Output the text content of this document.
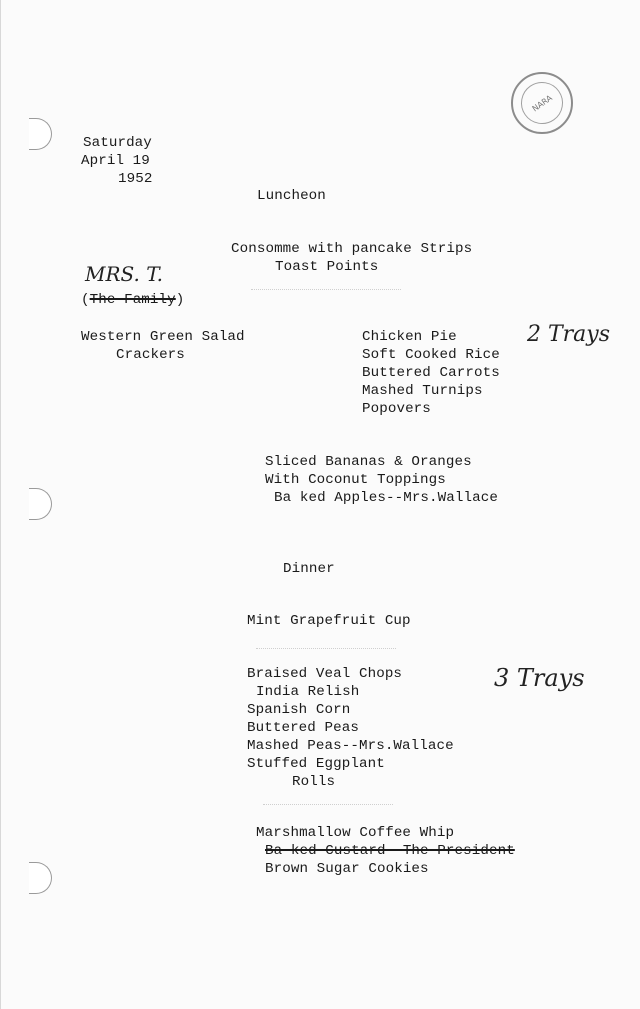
NARA
Saturday
April 19
1952
Luncheon
Consomme with pancake Strips
Toast Points
MRS. T.
(The Family)
Western Green Salad
Crackers
Chicken Pie
Soft Cooked Rice
Buttered Carrots
Mashed Turnips
Popovers
2 Trays
Sliced Bananas & Oranges
With Coconut Toppings
Ba ked Apples--Mrs.Wallace
Dinner
Mint Grapefruit Cup
Braised Veal Chops
India Relish
Spanish Corn
Buttered Peas
Mashed Peas--Mrs.Wallace
Stuffed Eggplant
Rolls
3 Trays
Marshmallow Coffee Whip
Ba ked Custard--The President
Brown Sugar Cookies
